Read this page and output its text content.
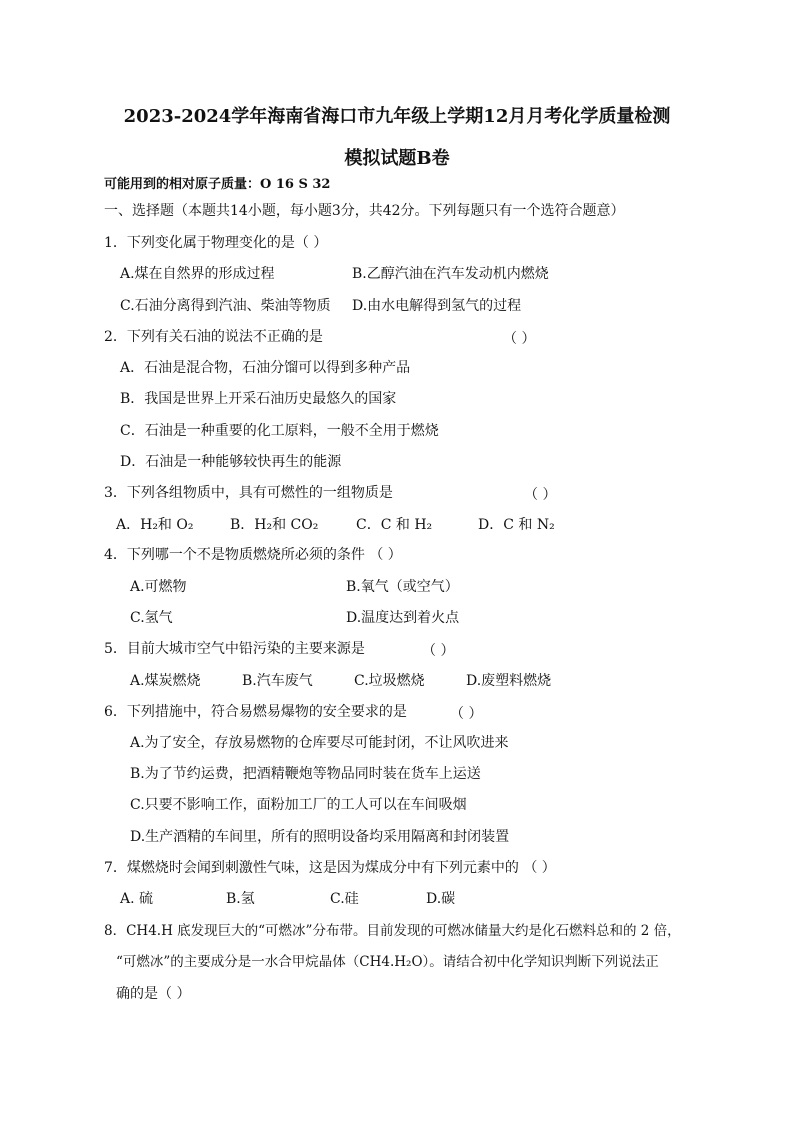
2023-2024学年海南省海口市九年级上学期12月月考化学质量检测
模拟试题B卷
可能用到的相对原子质量：O 16 S 32
一、选择题（本题共14小题，每小题3分，共42分。下列每题只有一个选符合题意）
1．下列变化属于物理变化的是（ ）
A.煤在自然界的形成过程	B.乙醇汽油在汽车发动机内燃烧
C.石油分离得到汽油、柴油等物质 D.由水电解得到氢气的过程
2．下列有关石油的说法不正确的是	（ ）
A．石油是混合物，石油分馏可以得到多种产品
B．我国是世界上开采石油历史最悠久的国家
C．石油是一种重要的化工原料，一般不全用于燃烧
D．石油是一种能够较快再生的能源
3．下列各组物质中，具有可燃性的一组物质是	（ ）
A．H₂和 O₂	B．H₂和 CO₂	C．C 和 H₂	D．C 和 N₂
4．下列哪一个不是物质燃烧所必须的条件 （ ）
A.可燃物	B.氧气（或空气）
C.氢气	D.温度达到着火点
5．目前大城市空气中铅污染的主要来源是	（ ）
A.煤炭燃烧	B.汽车废气	C.垃圾燃烧	D.废塑料燃烧
6．下列措施中，符合易燃易爆物的安全要求的是	（ ）
A.为了安全，存放易燃物的仓库要尽可能封闭，不让风吹进来
B.为了节约运费，把酒精鞭炮等物品同时装在货车上运送
C.只要不影响工作，面粉加工厂的工人可以在车间吸烟
D.生产酒精的车间里，所有的照明设备均采用隔离和封闭装置
7．煤燃烧时会闻到刺激性气味，这是因为煤成分中有下列元素中的 （ ）
A. 硫	B.氢	C.硅	D.碳
8．CH4.H 底发现巨大的“可燃冰”分布带。目前发现的可燃冰储量大约是化石燃料总和的 2 倍，
“可燃冰”的主要成分是一水合甲烷晶体（CH4.H₂O）。请结合初中化学知识判断下列说法正
确的是（ ）
